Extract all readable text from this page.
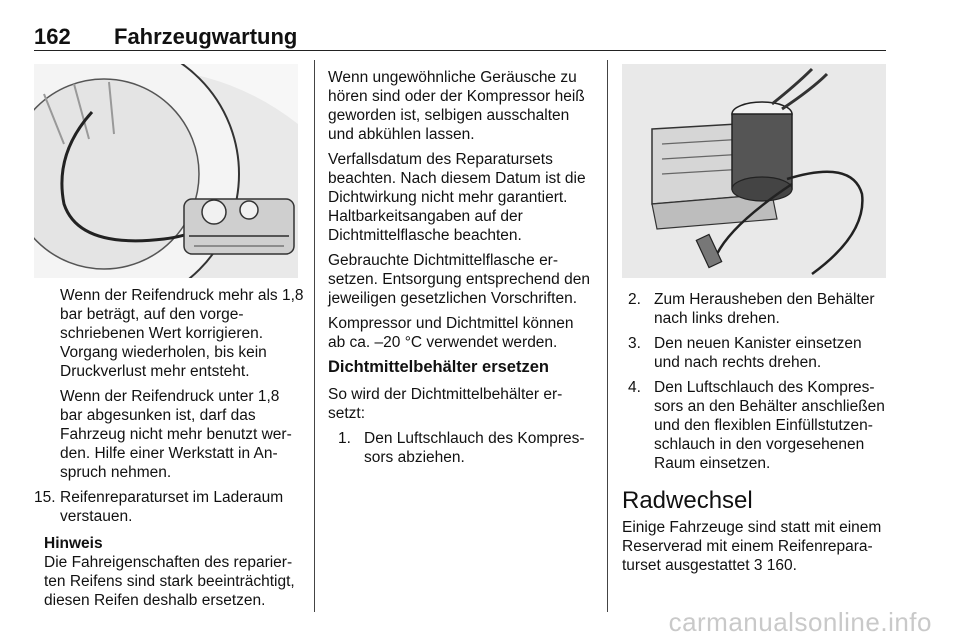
162 Fahrzeugwartung

Wenn der Reifendruck mehr als 1,8 bar beträgt, auf den vorgeschriebenen Wert korrigieren. Vorgang wiederholen, bis kein Druckverlust mehr entsteht.

Wenn der Reifendruck unter 1,8 bar abgesunken ist, darf das Fahrzeug nicht mehr benutzt werden. Hilfe einer Werkstatt in Anspruch nehmen.

15. Reifenreparaturset im Laderaum verstauen.
Hinweis
Die Fahreigenschaften des reparierten Reifens sind stark beeinträchtigt, diesen Reifen deshalb ersetzen.

Wenn ungewöhnliche Geräusche zu hören sind oder der Kompressor heiß geworden ist, selbigen ausschalten und abkühlen lassen.

Verfallsdatum des Reparatursets beachten. Nach diesem Datum ist die Dichtwirkung nicht mehr garantiert. Haltbarkeitsangaben auf der Dichtmittelflasche beachten.

Gebrauchte Dichtmittelflasche ersetzen. Entsorgung entsprechend den jeweiligen gesetzlichen Vorschriften.

Kompressor und Dichtmittel können ab ca. –20 °C verwendet werden.

Dichtmittelbehälter ersetzen

So wird der Dichtmittelbehälter ersetzt:

1. Den Luftschlauch des Kompressors abziehen.
2. Zum Herausheben den Behälter nach links drehen.
3. Den neuen Kanister einsetzen und nach rechts drehen.
4. Den Luftschlauch des Kompressors an den Behälter anschließen und den flexiblen Einfüllstutzenschlauch in den vorgesehenen Raum einsetzen.
Radwechsel

Einige Fahrzeuge sind statt mit einem Reserverad mit einem Reifenreparaturset ausgestattet 3 160.

carmanualsonline.info
